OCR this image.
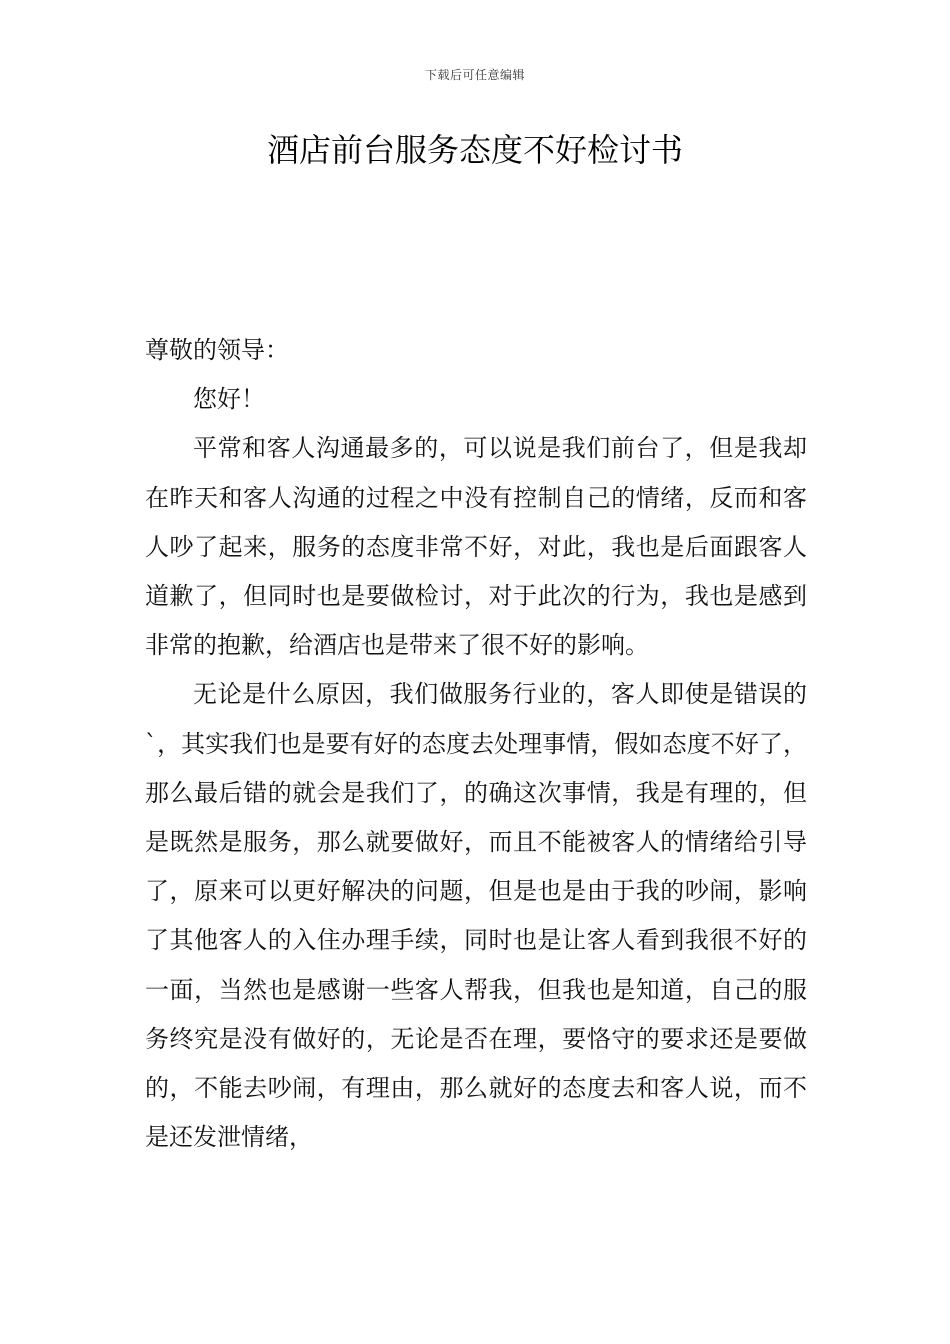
下载后可任意编辑
酒店前台服务态度不好检讨书

尊敬的领导：

您好！

平常和客人沟通最多的，可以说是我们前台了，但是我却在昨天和客人沟通的过程之中没有控制自己的情绪，反而和客人吵了起来，服务的态度非常不好，对此，我也是后面跟客人道歉了，但同时也是要做检讨，对于此次的行为，我也是感到非常的抱歉，给酒店也是带来了很不好的影响。

无论是什么原因，我们做服务行业的，客人即使是错误的`，其实我们也是要有好的态度去处理事情，假如态度不好了，那么最后错的就会是我们了，的确这次事情，我是有理的，但是既然是服务，那么就要做好，而且不能被客人的情绪给引导了，原来可以更好解决的问题，但是也是由于我的吵闹，影响了其他客人的入住办理手续，同时也是让客人看到我很不好的一面，当然也是感谢一些客人帮我，但我也是知道，自己的服务终究是没有做好的，无论是否在理，要恪守的要求还是要做的，不能去吵闹，有理由，那么就好的态度去和客人说，而不是还发泄情绪，
